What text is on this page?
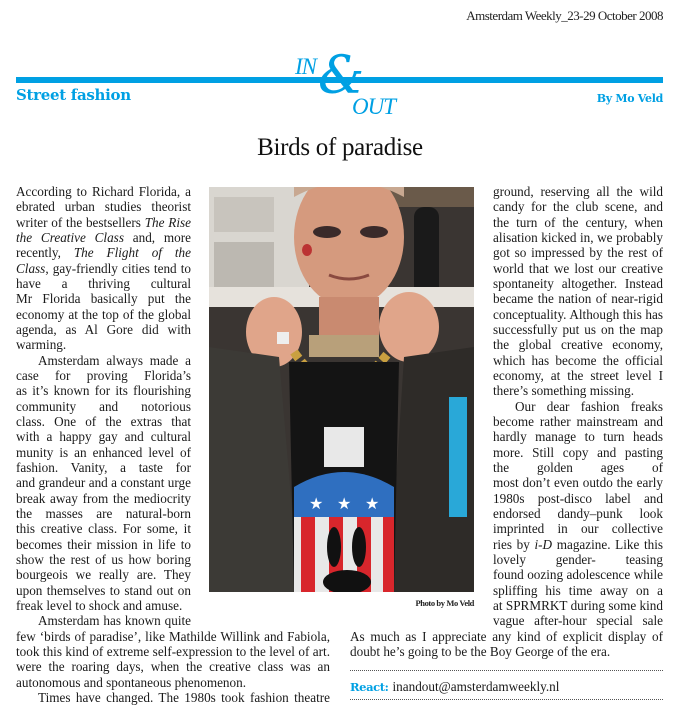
Amsterdam Weekly_23-29 October 2008
Street fashion	By Mo Veld
IN &
OUT
Birds of paradise
According to Richard Florida, a
ebrated urban studies theorist
writer of the bestsellers The Rise
the Creative Class and, more
recently, The Flight of the
Class, gay-friendly cities tend to
have a thriving cultural
Mr Florida basically put the
economy at the top of the global
agenda, as Al Gore did with
warming.
Amsterdam always made a
case for proving Florida’s
as it’s known for its flourishing
community and notorious
class. One of the extras that
with a happy gay and cultural
munity is an enhanced level of
fashion. Vanity, a taste for
and grandeur and a constant urge
break away from the mediocrity
the masses are natural-born
this creative class. For some, it
becomes their mission in life to
show the rest of us how boring
bourgeois we really are. They
upon themselves to stand out on
freak level to shock and amuse.
Amsterdam has known quite
few ‘birds of paradise’, like Mathilde Willink and Fabiola,
took this kind of extreme self-expression to the level of art.
were the roaring days, when the creative class was an
autonomous and spontaneous phenomenon.
Times have changed. The 1980s took fashion theatre
ground, reserving all the wild
candy for the club scene, and
the turn of the century, when
alisation kicked in, we probably
got so impressed by the rest of
world that we lost our creative
spontaneity altogether. Instead
became the nation of near-rigid
conceptuality. Although this has
successfully put us on the map
the global creative economy,
which has become the official
economy, at the street level I
there’s something missing.
Our dear fashion freaks
become rather mainstream and
hardly manage to turn heads
more. Still copy and pasting
the golden ages of
most don’t even outdo the early
1980s post-disco label and
endorsed dandy–punk look
imprinted in our collective
ries by i-D magazine. Like this
lovely gender- teasing
found oozing adolescence while
spliffing his time away on a
at SPRMRKT during some kind
vague after-hour special sale
As much as I appreciate any kind of explicit display of
doubt he’s going to be the Boy George of the era.
★ ★ ★
Photo by Mo Veld
React: inandout@amsterdamweekly.nl
